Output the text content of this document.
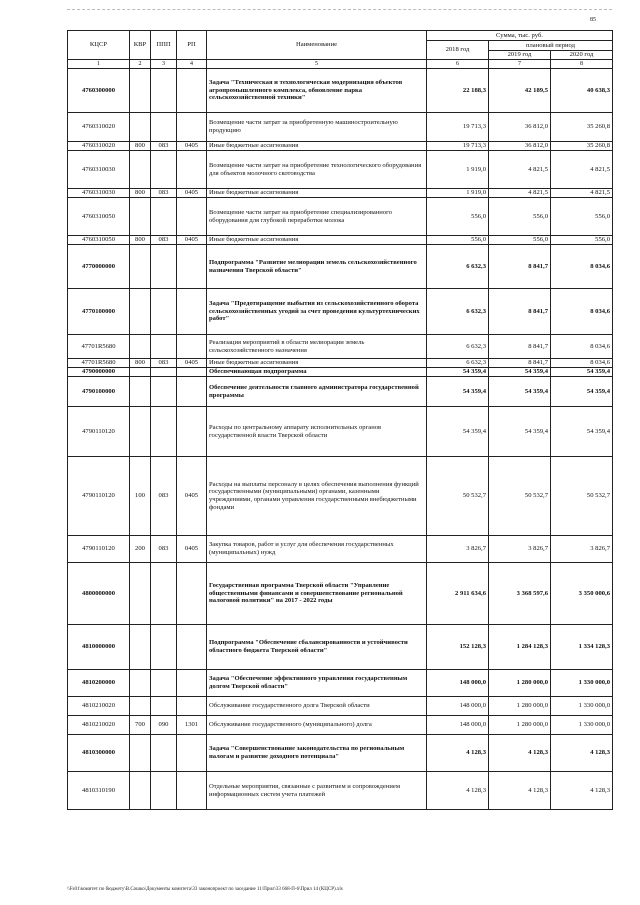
85
КЦСР	КВР	ППП	РП	Наименование	Сумма, тыс. руб.		
					2018 год	плановый период	
						2019 год	2020 год
1	2	3	4	5	6	7	8
4760300000				Задача "Техническая и технологическая модернизация объектов агропромышленного комплекса, обновление парка сельскохозяйственной техники"	22 188,3	42 189,5	40 638,3
4760310020				Возмещение части затрат за приобретенную машиностроительную продукцию	19 713,3	36 812,0	35 260,8
4760310020	800	083	0405	Иные бюджетные ассигнования	19 713,3	36 812,0	35 260,8
4760310030				Возмещение части затрат на приобретение технологического оборудования для объектов молочного скотоводства	1 919,0	4 821,5	4 821,5
4760310030	800	083	0405	Иные бюджетные ассигнования	1 919,0	4 821,5	4 821,5
4760310050				Возмещение части затрат на приобретение специализированного оборудования для глубокой переработки молока	556,0	556,0	556,0
4760310050	800	083	0405	Иные бюджетные ассигнования	556,0	556,0	556,0
4770000000				Подпрограмма "Развитие мелиорации земель сельскохозяйственного назначения Тверской области"	6 632,3	8 841,7	8 034,6
4770100000				Задача "Предотвращение выбытия из сельскохозяйственного оборота сельскохозяйственных угодий за счет проведения культуртехнических работ"	6 632,3	8 841,7	8 034,6
47701R5680				Реализация мероприятий в области мелиорации земель сельскохозяйственного назначения	6 632,3	8 841,7	8 034,6
47701R5680	800	083	0405	Иные бюджетные ассигнования	6 632,3	8 841,7	8 034,6
4790000000				Обеспечивающая подпрограмма	54 359,4	54 359,4	54 359,4
4790100000				Обеспечение деятельности главного администратора государственной программы	54 359,4	54 359,4	54 359,4
4790110120				Расходы по центральному аппарату исполнительных органов государственной власти Тверской области	54 359,4	54 359,4	54 359,4
4790110120	100	083	0405	Расходы на выплаты персоналу в целях обеспечения выполнения функций государственными (муниципальными) органами, казенными учреждениями, органами управления государственными внебюджетными фондами	50 532,7	50 532,7	50 532,7
4790110120	200	083	0405	Закупка товаров, работ и услуг для обеспечения государственных (муниципальных) нужд	3 826,7	3 826,7	3 826,7
4800000000				Государственная программа Тверской области "Управление общественными финансами и совершенствование региональной налоговой политики" на 2017 - 2022 годы	2 911 634,6	3 368 597,6	3 350 000,6
4810000000				Подпрограмма "Обеспечение сбалансированности и устойчивости областного бюджета Тверской области"	152 128,3	1 284 128,3	1 334 128,3
4810200000				Задача "Обеспечение эффективного управления государственным долгом Тверской области"	148 000,0	1 280 000,0	1 330 000,0
4810210020				Обслуживание государственного долга Тверской области	148 000,0	1 280 000,0	1 330 000,0
4810210020	700	090	1301	Обслуживание государственного (муниципального) долга	148 000,0	1 280 000,0	1 330 000,0
4810300000				Задача "Совершенствование законодательства по региональным налогам и развитие доходного потенциала"	4 128,3	4 128,3	4 128,3
4810310190				Отдельные мероприятия, связанные с развитием и сопровождением информационных систем учета платежей	4 128,3	4 128,3	4 128,3
\\Fs01\комитет по бюджету\В.Сошко\Документы комитета\33 законопроект по заседание 11\Прил\33 668-П-6\Прил 14 (КЦСР).xls
